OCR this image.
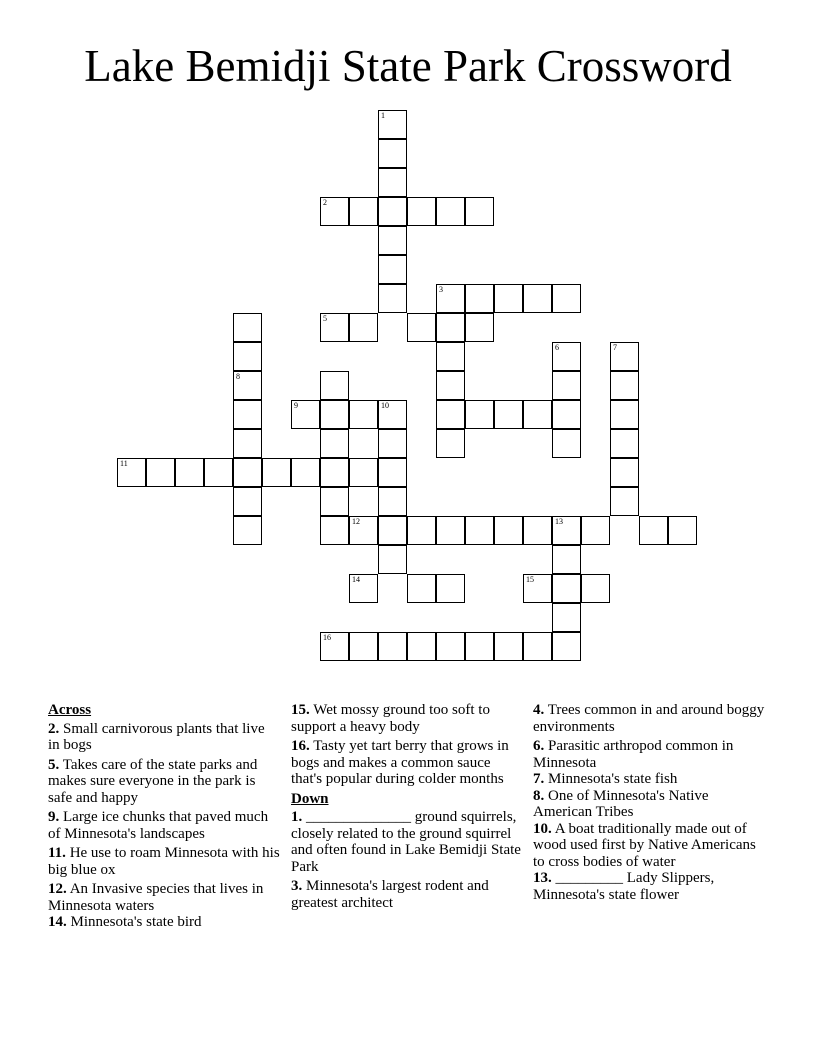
Lake Bemidji State Park Crossword
1
2
3
5
8
6	7
9	10
11
12	13
14	15
16
Across
2. Small carnivorous plants that live in bogs
5. Takes care of the state parks and makes sure everyone in the park is safe and happy
9. Large ice chunks that paved much of Minnesota's landscapes
11. He use to roam Minnesota with his big blue ox
12. An Invasive species that lives in Minnesota waters
14. Minnesota's state bird
15. Wet mossy ground too soft to support a heavy body
16. Tasty yet tart berry that grows in bogs and makes a common sauce that's popular during colder months
Down
1. ______________ ground squirrels, closely related to the ground squirrel and often found in Lake Bemidji State Park
3. Minnesota's largest rodent and greatest architect
4. Trees common in and around boggy environments
6. Parasitic arthropod common in Minnesota
7. Minnesota's state fish
8. One of Minnesota's Native American Tribes
10. A boat traditionally made out of wood used first by Native Americans to cross bodies of water
13. _________ Lady Slippers, Minnesota's state flower
